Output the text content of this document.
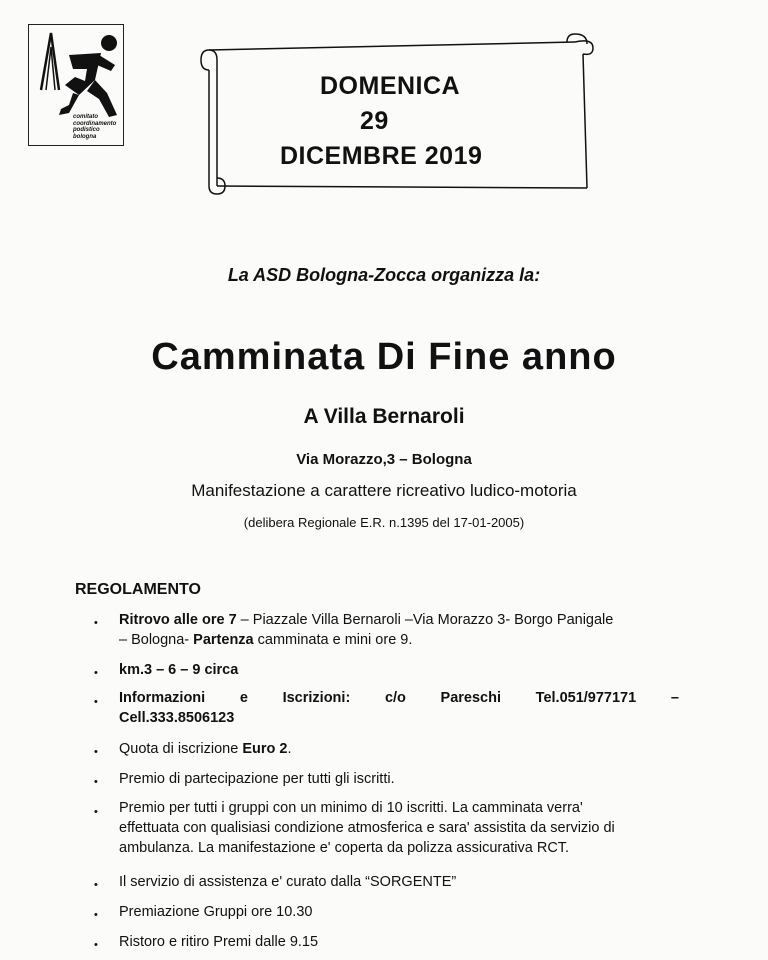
comitato
coordinamento
podistico bologna
DOMENICA
29
DICEMBRE 2019
La ASD Bologna-Zocca organizza la:
Camminata Di Fine anno
A Villa Bernaroli
Via Morazzo,3 – Bologna
Manifestazione a carattere ricreativo ludico-motoria
(delibera Regionale E.R. n.1395 del 17-01-2005)
REGOLAMENTO
• Ritrovo alle ore 7 – Piazzale Villa Bernaroli –Via Morazzo 3- Borgo Panigale
– Bologna- Partenza camminata e mini ore 9.
• km.3 – 6 – 9 circa
• Informazioni e Iscrizioni: c/o Pareschi Tel.051/977171 –
Cell.333.8506123
• Quota di iscrizione Euro 2.
• Premio di partecipazione per tutti gli iscritti.
• Premio per tutti i gruppi con un minimo di 10 iscritti. La camminata verra'
effettuata con qualisiasi condizione atmosferica e sara' assistita da servizio di
ambulanza. La manifestazione e' coperta da polizza assicurativa RCT.
• Il servizio di assistenza e' curato dalla “SORGENTE”
• Premiazione Gruppi ore 10.30
• Ristoro e ritiro Premi dalle 9.15
